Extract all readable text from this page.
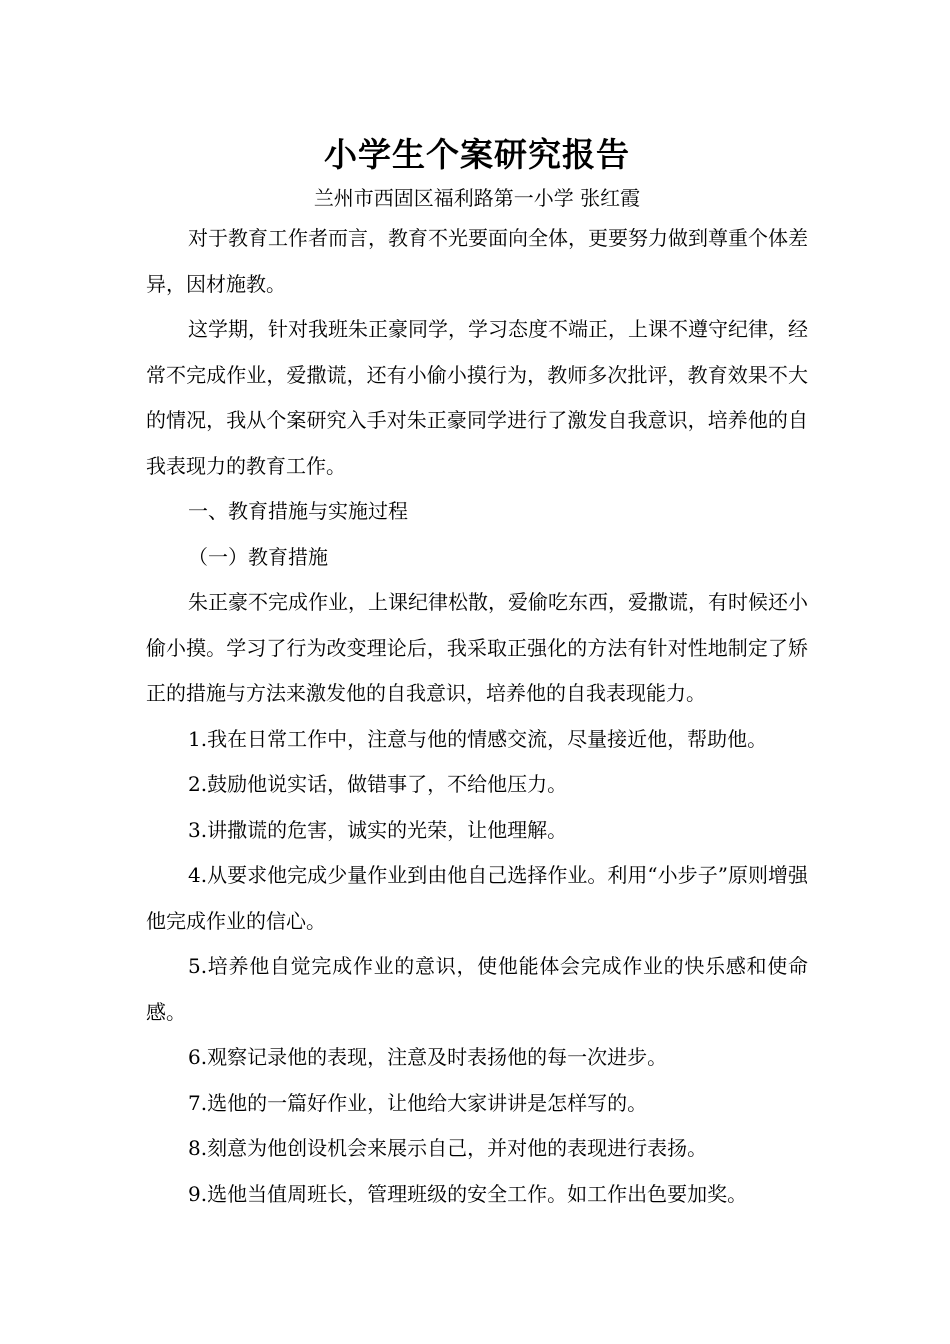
小学生个案研究报告

兰州市西固区福利路第一小学 张红霞

对于教育工作者而言，教育不光要面向全体，更要努力做到尊重个体差异，因材施教。

这学期，针对我班朱正豪同学，学习态度不端正，上课不遵守纪律，经常不完成作业，爱撒谎，还有小偷小摸行为，教师多次批评，教育效果不大的情况，我从个案研究入手对朱正豪同学进行了激发自我意识，培养他的自我表现力的教育工作。

一、教育措施与实施过程

（一）教育措施

朱正豪不完成作业，上课纪律松散，爱偷吃东西，爱撒谎，有时候还小偷小摸。学习了行为改变理论后，我采取正强化的方法有针对性地制定了矫正的措施与方法来激发他的自我意识，培养他的自我表现能力。

1.我在日常工作中，注意与他的情感交流，尽量接近他，帮助他。

2.鼓励他说实话，做错事了，不给他压力。

3.讲撒谎的危害，诚实的光荣，让他理解。

4.从要求他完成少量作业到由他自己选择作业。利用“小步子”原则增强他完成作业的信心。

5.培养他自觉完成作业的意识，使他能体会完成作业的快乐感和使命感。

6.观察记录他的表现，注意及时表扬他的每一次进步。

7.选他的一篇好作业，让他给大家讲讲是怎样写的。

8.刻意为他创设机会来展示自己，并对他的表现进行表扬。

9.选他当值周班长，管理班级的安全工作。如工作出色要加奖。
